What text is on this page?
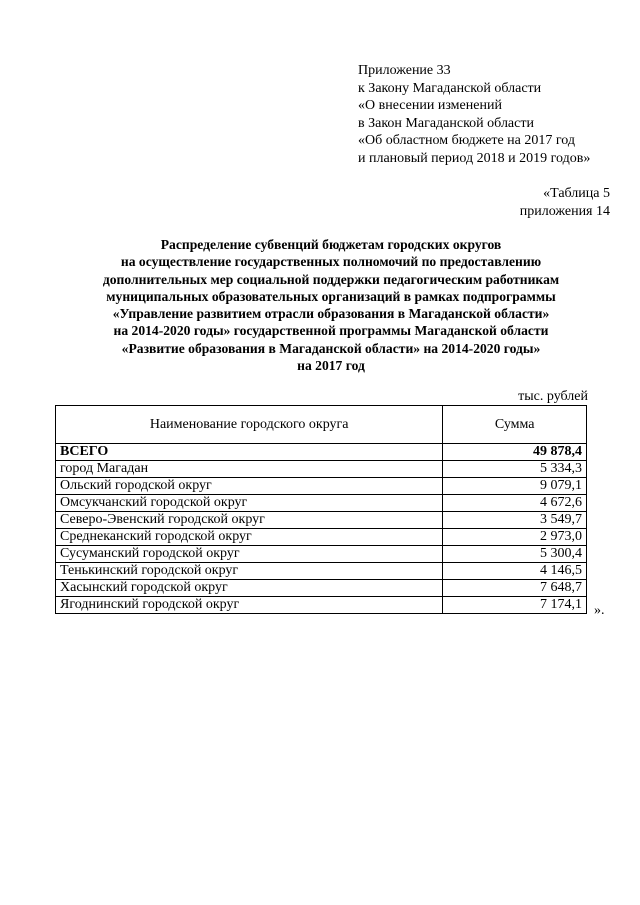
Приложение 33
к Закону Магаданской области
«О внесении изменений
в Закон Магаданской области
«Об областном бюджете на 2017 год
и плановый период 2018 и 2019 годов»
«Таблица 5
приложения 14
Распределение субвенций бюджетам городских округов
на осуществление государственных полномочий по предоставлению
дополнительных мер социальной поддержки педагогическим работникам
муниципальных образовательных организаций в рамках подпрограммы
«Управление развитием отрасли образования в Магаданской области»
на 2014-2020 годы» государственной программы Магаданской области
«Развитие образования в Магаданской области» на 2014-2020 годы»
на 2017 год
тыс. рублей
Наименование городского округа	Сумма
ВСЕГО	49 878,4
город Магадан	5 334,3
Ольский городской округ	9 079,1
Омсукчанский городской округ	4 672,6
Северо-Эвенский городской округ	3 549,7
Среднеканский городской округ	2 973,0
Сусуманский городской округ	5 300,4
Тенькинский городской округ	4 146,5
Хасынский городской округ	7 648,7
Ягоднинский городской округ	7 174,1 ».
